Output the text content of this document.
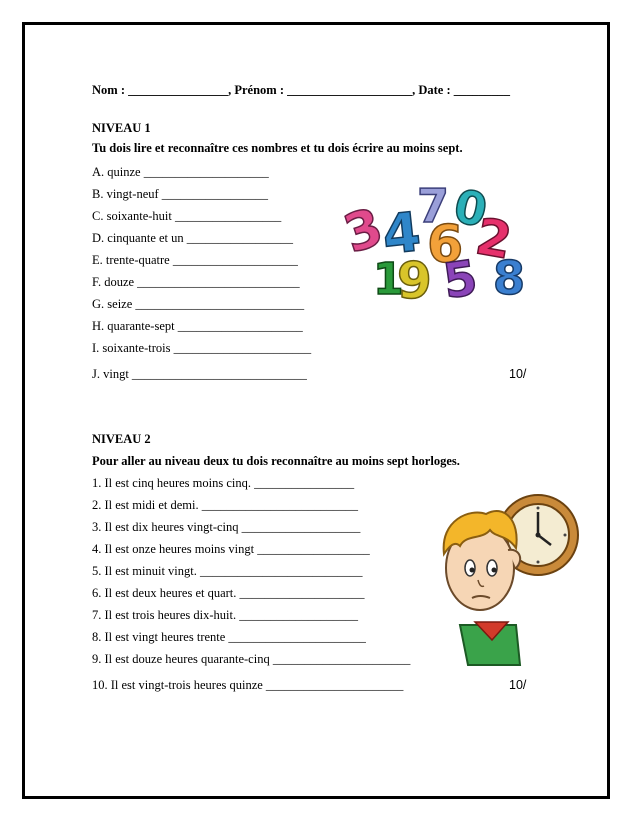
Nom : ________________, Prénom : ____________________, Date : _________
NIVEAU 1
Tu dois lire et reconnaître ces nombres et tu dois écrire au moins sept.
A. quinze ____________________
B. vingt-neuf _________________
C. soixante-huit _________________
D. cinquante et un _________________
E. trente-quatre ____________________
F. douze __________________________
G. seize ___________________________
H. quarante-sept ____________________
I. soixante-trois ______________________
J. vingt ____________________________	10/
3
4
7
6
0
2
1
9 5 8
NIVEAU 2
Pour aller au niveau deux tu dois reconnaître au moins sept horloges.
1. Il est cinq heures moins cinq. ________________
2. Il est midi et demi. _________________________
3. Il est dix heures vingt-cinq ___________________
4. Il est onze heures moins vingt __________________
5. Il est minuit vingt. __________________________
6. Il est deux heures et quart. ____________________
7. Il est trois heures dix-huit. ___________________
8. Il est vingt heures trente ______________________
9. Il est douze heures quarante-cinq ______________________
10. Il est vingt-trois heures quinze ______________________	10/
